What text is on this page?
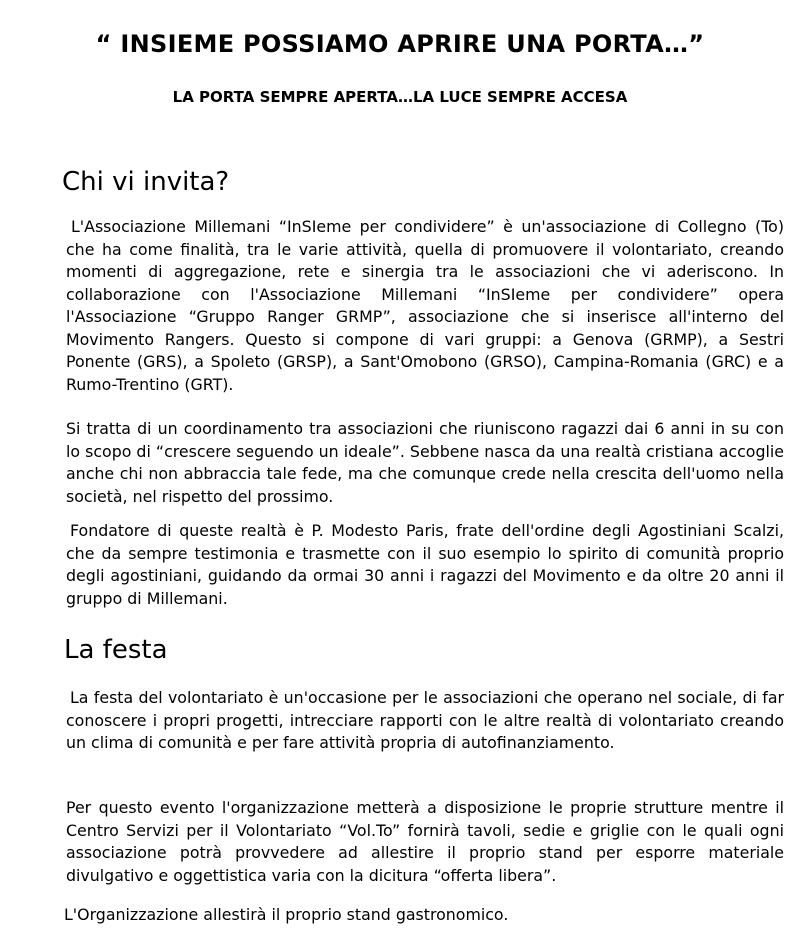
“ INSIEME POSSIAMO APRIRE UNA PORTA…”
LA PORTA SEMPRE APERTA…LA LUCE SEMPRE ACCESA
Chi vi invita?

L'Associazione Millemani “InSIeme per condividere” è un'associazione di Collegno (To) che ha come finalità, tra le varie attività, quella di promuovere il volontariato, creando momenti di aggregazione, rete e sinergia tra le associazioni che vi aderiscono. In collaborazione con l'Associazione Millemani “InSIeme per condividere” opera l'Associazione “Gruppo Ranger GRMP”, associazione che si inserisce all'interno del Movimento Rangers. Questo si compone di vari gruppi: a Genova (GRMP), a Sestri Ponente (GRS), a Spoleto (GRSP), a Sant'Omobono (GRSO), Campina-Romania (GRC) e a Rumo-Trentino (GRT).

Si tratta di un coordinamento tra associazioni che riuniscono ragazzi dai 6 anni in su con lo scopo di “crescere seguendo un ideale”. Sebbene nasca da una realtà cristiana accoglie anche chi non abbraccia tale fede, ma che comunque crede nella crescita dell'uomo nella società, nel rispetto del prossimo.

Fondatore di queste realtà è P. Modesto Paris, frate dell'ordine degli Agostiniani Scalzi, che da sempre testimonia e trasmette con il suo esempio lo spirito di comunità proprio degli agostiniani, guidando da ormai 30 anni i ragazzi del Movimento e da oltre 20 anni il gruppo di Millemani.

La festa

La festa del volontariato è un'occasione per le associazioni che operano nel sociale, di far conoscere i propri progetti, intrecciare rapporti con le altre realtà di volontariato creando un clima di comunità e per fare attività propria di autofinanziamento.

Per questo evento l'organizzazione metterà a disposizione le proprie strutture mentre il Centro Servizi per il Volontariato “Vol.To” fornirà tavoli, sedie e griglie con le quali ogni associazione potrà provvedere ad allestire il proprio stand per esporre materiale divulgativo e oggettistica varia con la dicitura “offerta libera”.

L'Organizzazione allestirà il proprio stand gastronomico.
